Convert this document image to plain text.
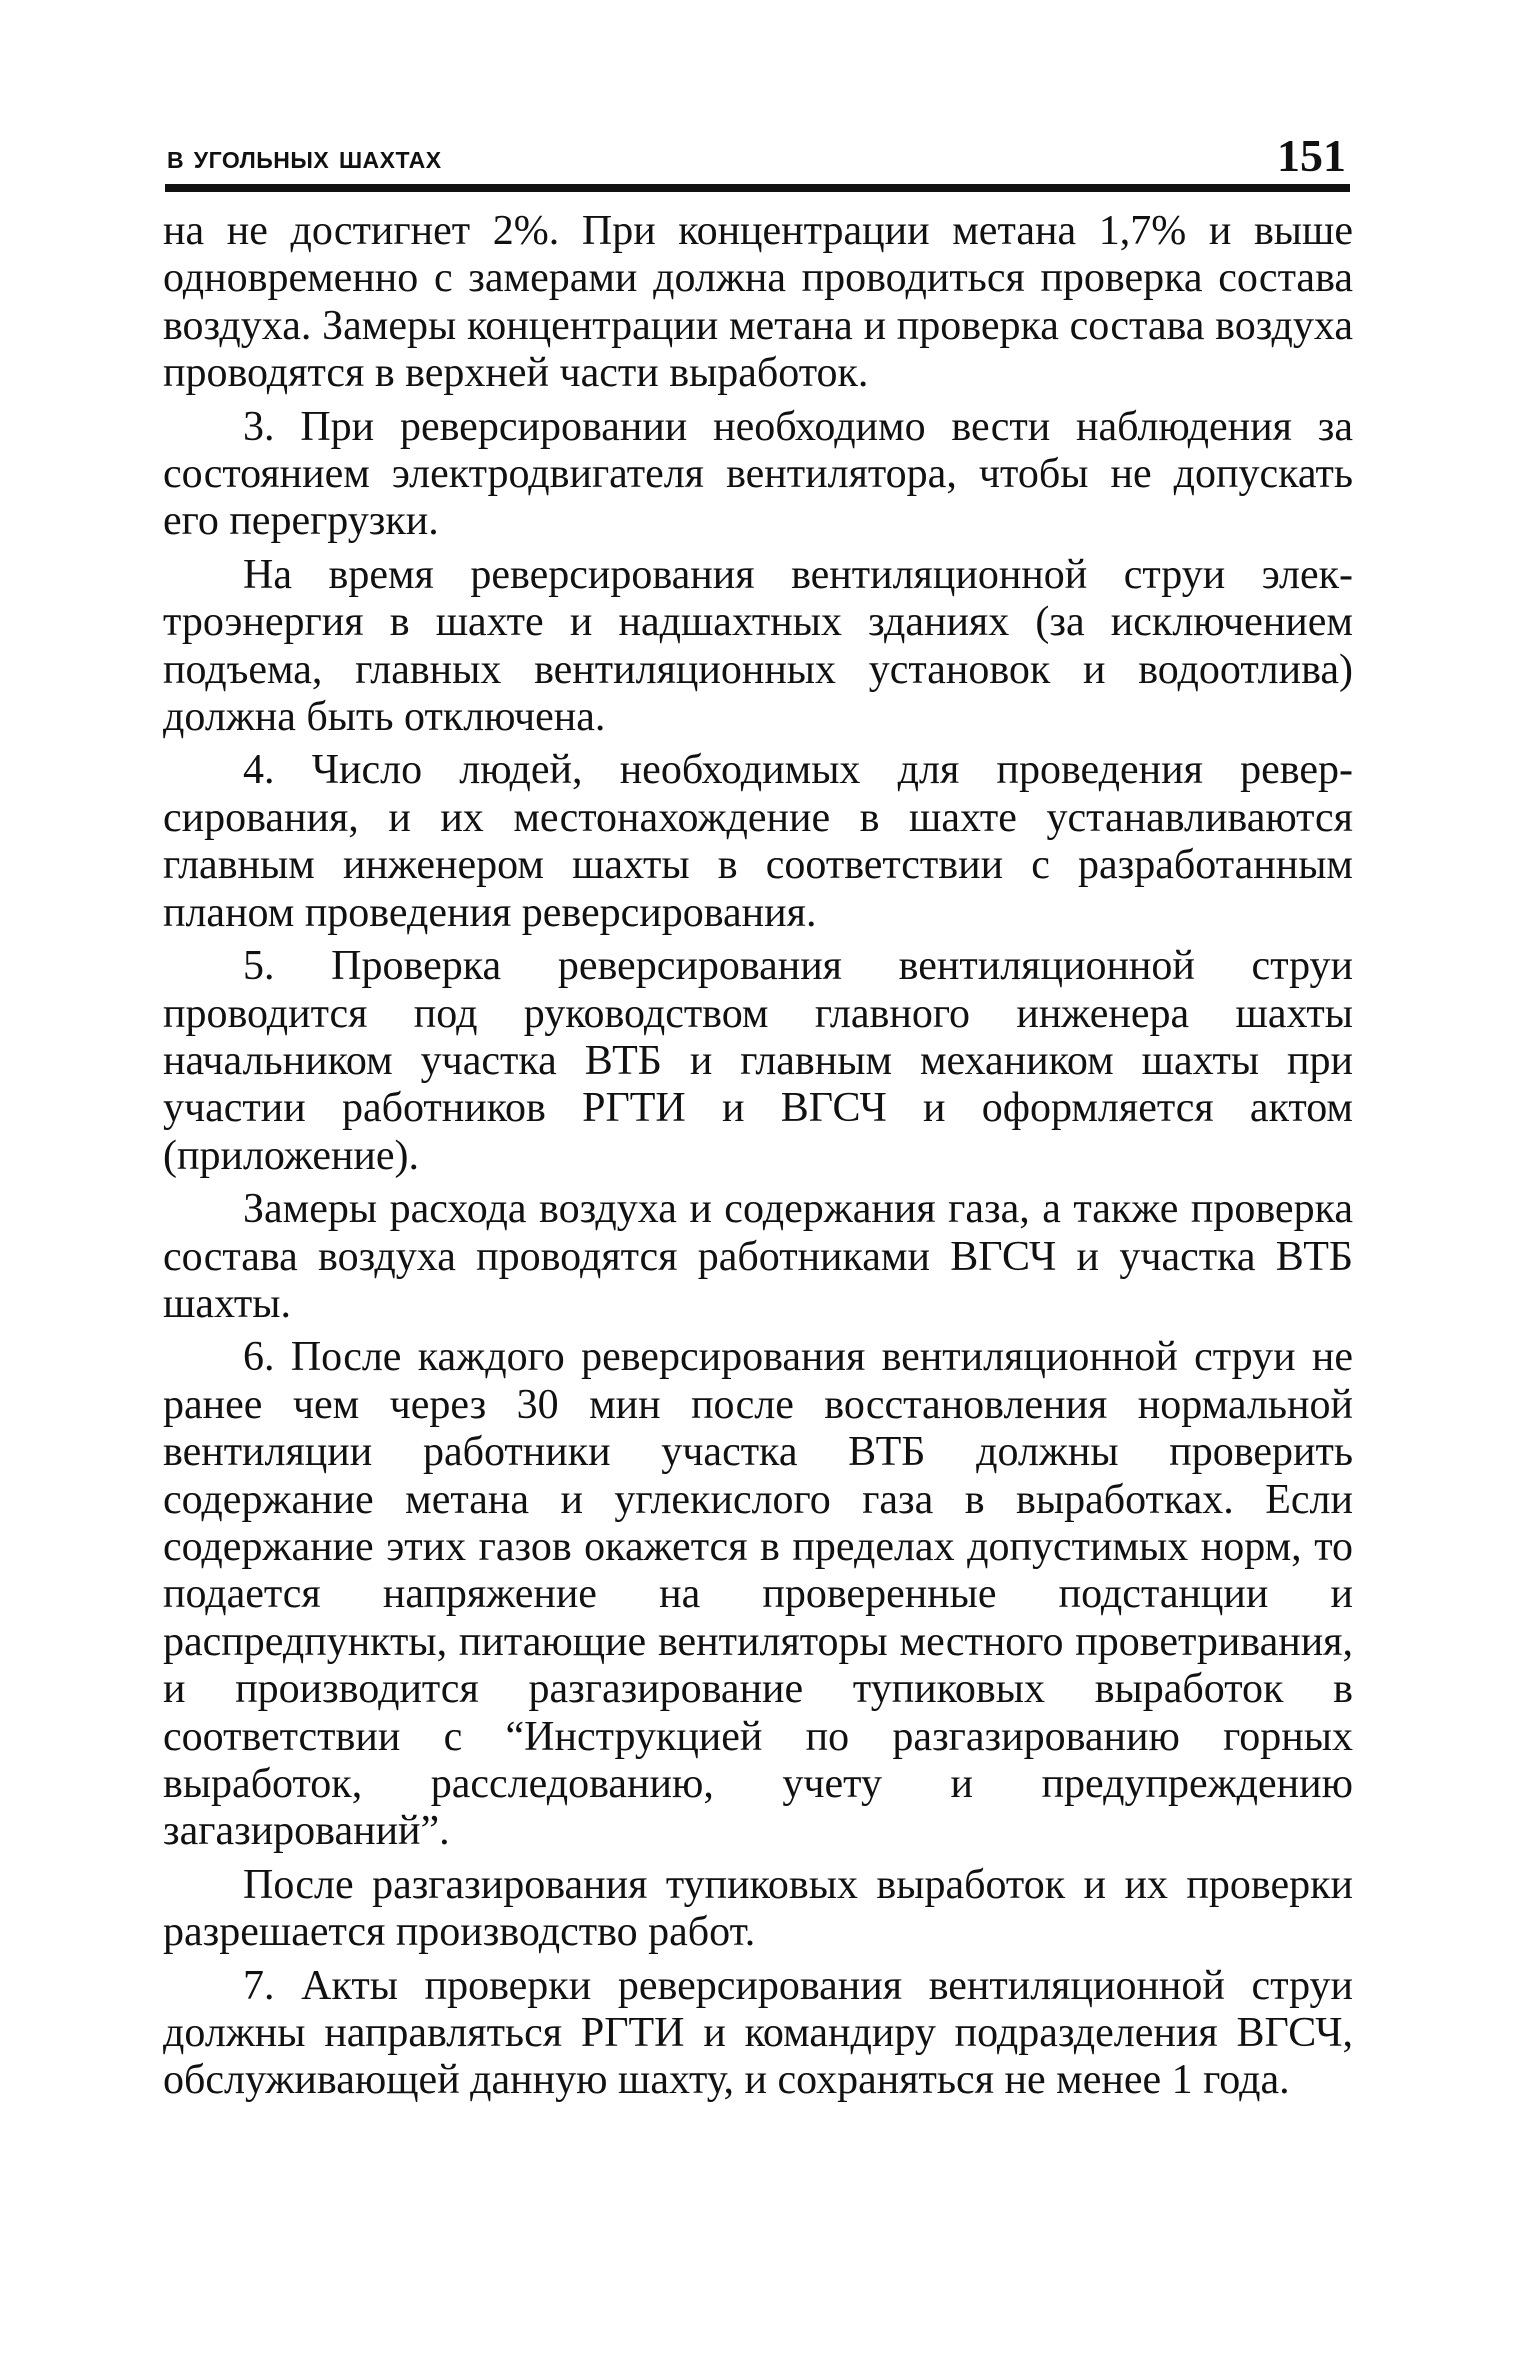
в угольных шахтах	151

на не достигнет 2%. При концентрации метана 1,7% и выше одновременно с замерами должна проводиться проверка состава воздуха. Замеры концентрации метана и проверка состава воздуха проводятся в верхней части выработок.

3. При реверсировании необходимо вести наблюдения за состоянием электродвигателя вентилятора, чтобы не допускать его перегрузки.

На время реверсирования вентиляционной струи электроэнергия в шахте и надшахтных зданиях (за исключением подъема, главных вентиляционных установок и водоотлива) должна быть отключена.

4. Число людей, необходимых для проведения реверсирования, и их местонахождение в шахте устанавливаются главным инженером шахты в соответствии с разработанным планом проведения реверсирования.

5. Проверка реверсирования вентиляционной струи проводится под руководством главного инженера шахты начальником участка ВТБ и главным механиком шахты при участии работников РГТИ и ВГСЧ и оформляется актом (приложение).

Замеры расхода воздуха и содержания газа, а также проверка состава воздуха проводятся работниками ВГСЧ и участка ВТБ шахты.

6. После каждого реверсирования вентиляционной струи не ранее чем через 30 мин после восстановления нормальной вентиляции работники участка ВТБ должны проверить содержание метана и углекислого газа в выработках. Если содержание этих газов окажется в пределах допустимых норм, то подается напряжение на проверенные подстанции и распредпункты, питающие вентиляторы местного проветривания, и производится разгазирование тупиковых выработок в соответствии с “Инструкцией по разгазированию горных выработок, расследованию, учету и предупреждению загазирований”.

После разгазирования тупиковых выработок и их проверки разрешается производство работ.

7. Акты проверки реверсирования вентиляционной струи должны направляться РГТИ и командиру подразделения ВГСЧ, обслуживающей данную шахту, и сохраняться не менее 1 года.
